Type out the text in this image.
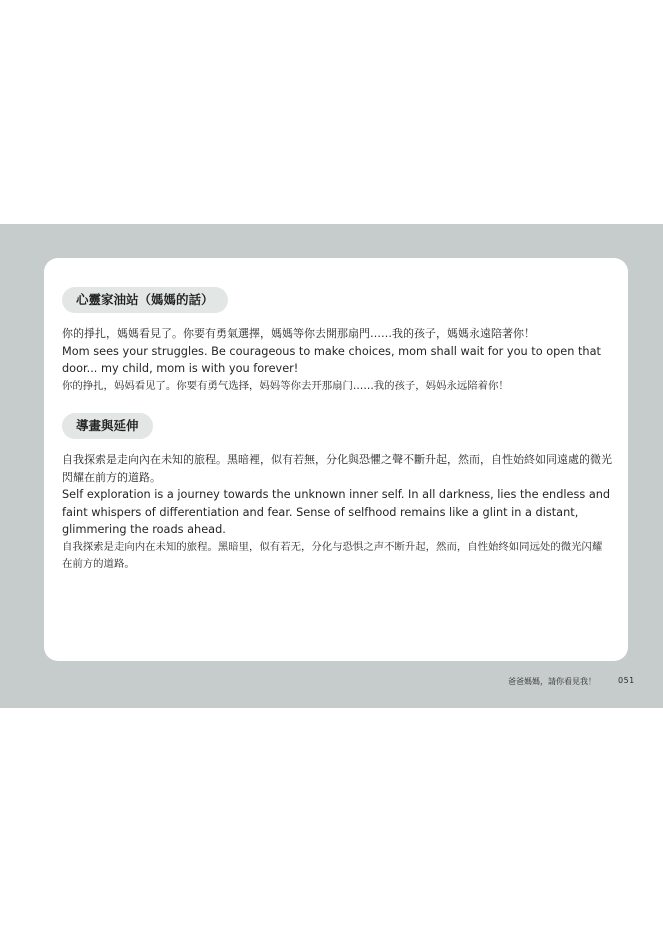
心靈家油站（媽媽的話）

你的掙扎，媽媽看見了。你要有勇氣選擇，媽媽等你去開那扇門……我的孩子，媽媽永遠陪著你！

Mom sees your struggles. Be courageous to make choices, mom shall wait for you to open that door... my child, mom is with you forever!

你的挣扎，妈妈看见了。你要有勇气选择，妈妈等你去开那扇门……我的孩子，妈妈永远陪着你！

導畫與延伸

自我探索是走向內在未知的旅程。黑暗裡，似有若無，分化與恐懼之聲不斷升起，然而，自性始終如同遠處的微光閃耀在前方的道路。

Self exploration is a journey towards the unknown inner self. In all darkness, lies the endless and faint whispers of differentiation and fear. Sense of selfhood remains like a glint in a distant, glimmering the roads ahead.

自我探索是走向内在未知的旅程。黑暗里，似有若无，分化与恐惧之声不断升起，然而，自性始终如同远处的微光闪耀在前方的道路。

爸爸媽媽，請你看見我！	051
